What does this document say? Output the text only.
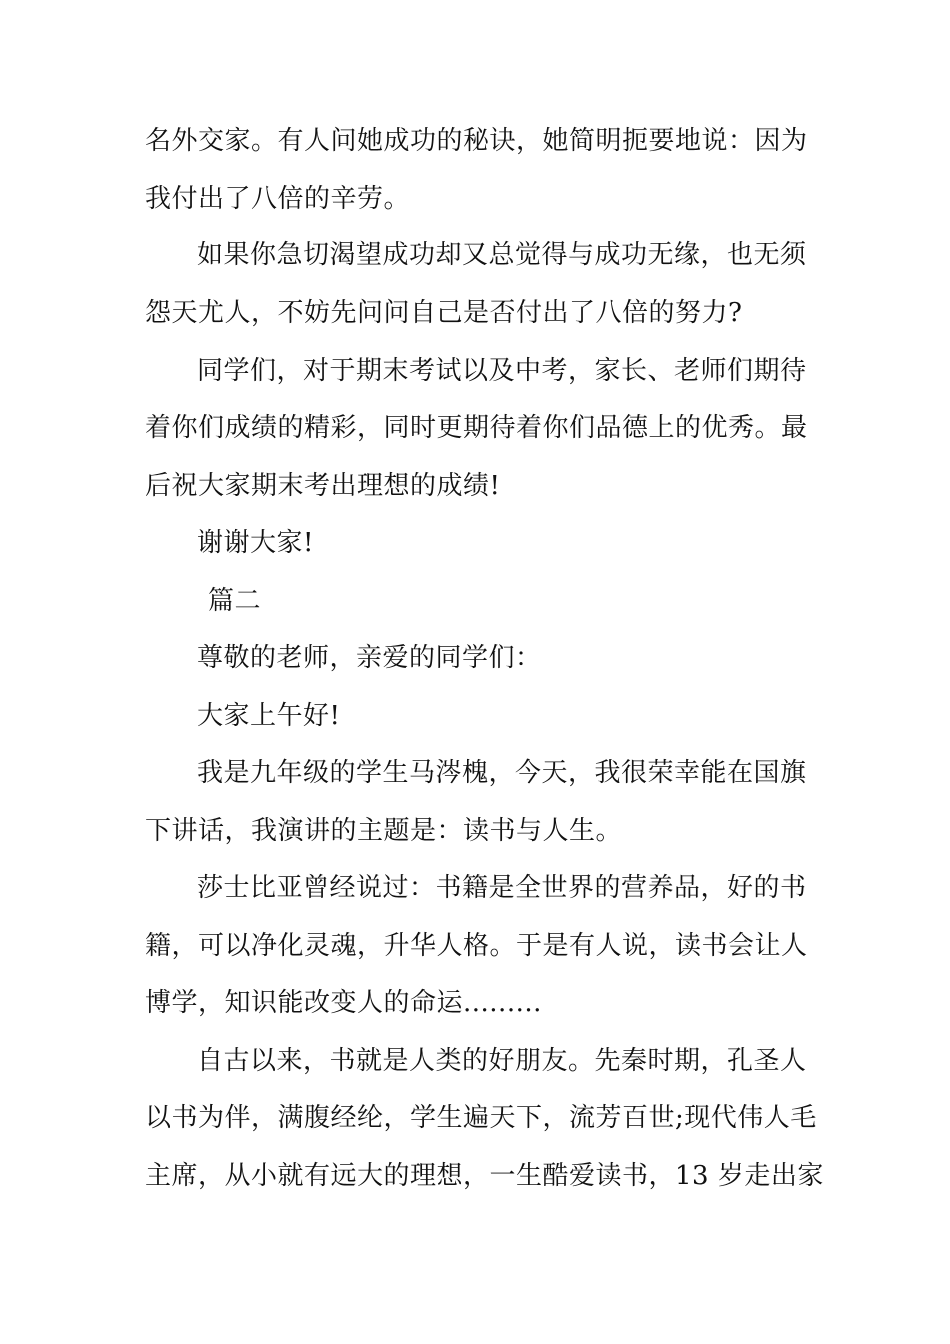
名外交家。有人问她成功的秘诀，她简明扼要地说：因为
我付出了八倍的辛劳。
如果你急切渴望成功却又总觉得与成功无缘，也无须
怨天尤人，不妨先问问自己是否付出了八倍的努力?
同学们，对于期末考试以及中考，家长、老师们期待
着你们成绩的精彩，同时更期待着你们品德上的优秀。最
后祝大家期末考出理想的成绩!
谢谢大家!
篇二
尊敬的老师，亲爱的同学们：
大家上午好!
我是九年级的学生马涔槐，今天，我很荣幸能在国旗
下讲话，我演讲的主题是：读书与人生。
莎士比亚曾经说过：书籍是全世界的营养品，好的书
籍，可以净化灵魂，升华人格。于是有人说，读书会让人
博学，知识能改变人的命运.........
自古以来，书就是人类的好朋友。先秦时期，孔圣人
以书为伴，满腹经纶，学生遍天下，流芳百世;现代伟人毛
主席，从小就有远大的理想，一生酷爱读书，13 岁走出家
